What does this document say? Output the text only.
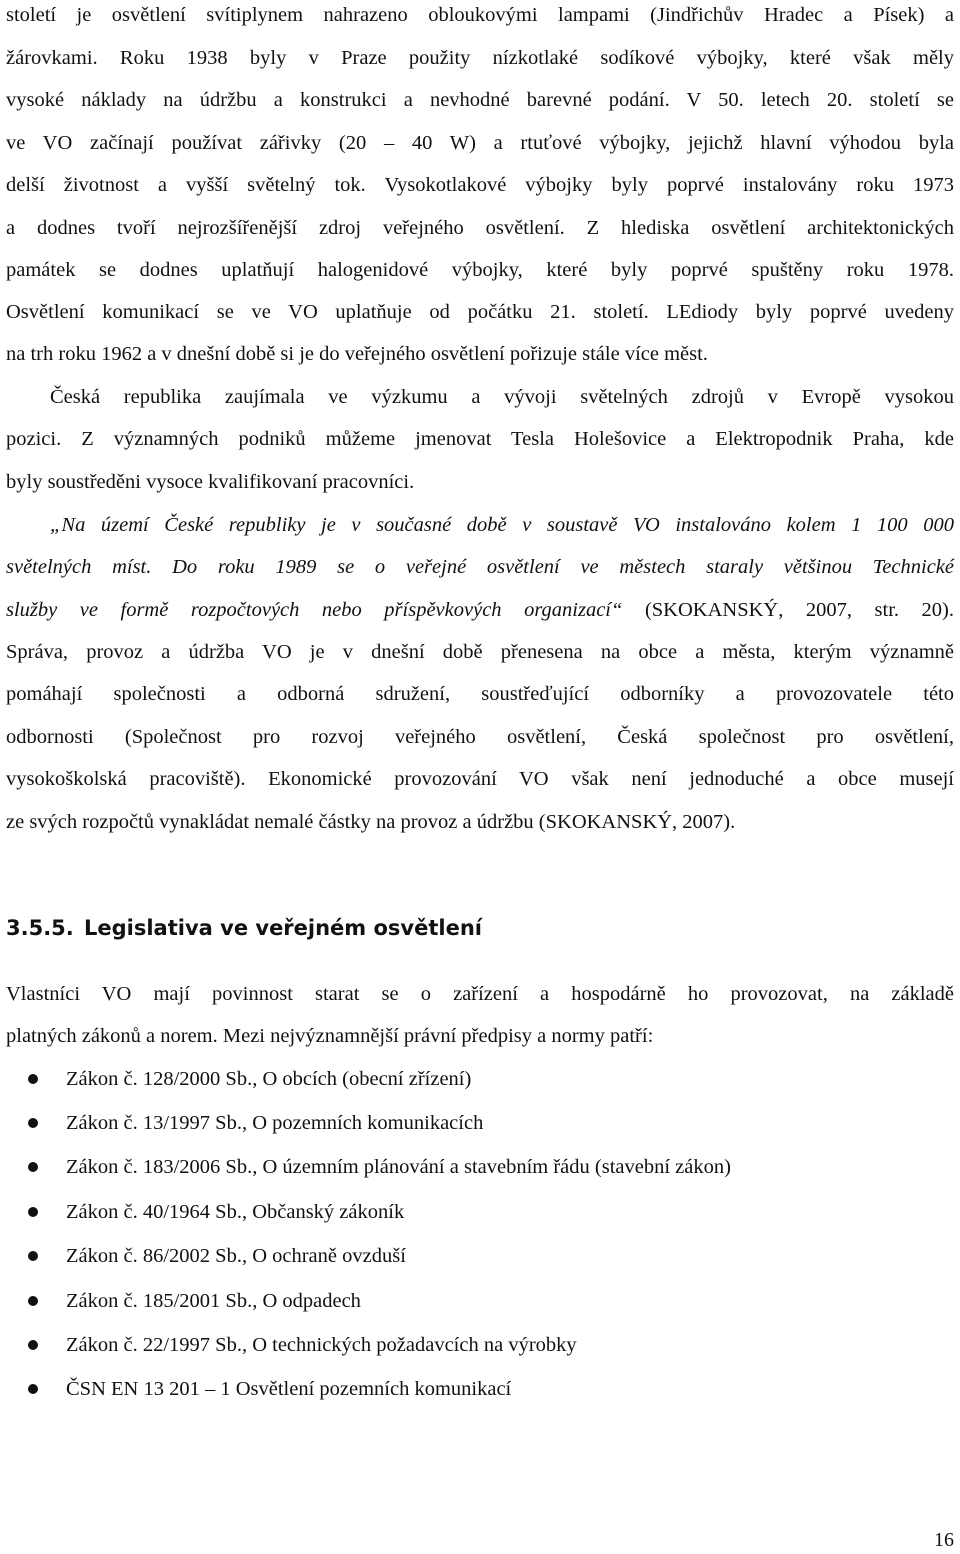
století je osvětlení svítiplynem nahrazeno obloukovými lampami (Jindřichův Hradec a Písek) a
žárovkami. Roku 1938 byly v Praze použity nízkotlaké sodíkové výbojky, které však měly
vysoké náklady na údržbu a konstrukci a nevhodné barevné podání. V 50. letech 20. století se
ve VO začínají používat zářivky (20 – 40 W) a rtuťové výbojky, jejichž hlavní výhodou byla
delší životnost a vyšší světelný tok. Vysokotlakové výbojky byly poprvé instalovány roku 1973
a dodnes tvoří nejrozšířenější zdroj veřejného osvětlení. Z hlediska osvětlení architektonických
památek se dodnes uplatňují halogenidové výbojky, které byly poprvé spuštěny roku 1978.
Osvětlení komunikací se ve VO uplatňuje od počátku 21. století. LEdiody byly poprvé uvedeny
na trh roku 1962 a v dnešní době si je do veřejného osvětlení pořizuje stále více měst.
Česká republika zaujímala ve výzkumu a vývoji světelných zdrojů v Evropě vysokou
pozici. Z významných podniků můžeme jmenovat Tesla Holešovice a Elektropodnik Praha, kde
byly soustředěni vysoce kvalifikovaní pracovníci.
„Na území České republiky je v současné době v soustavě VO instalováno kolem 1 100 000
světelných míst. Do roku 1989 se o veřejné osvětlení ve městech staraly většinou Technické
služby ve formě rozpočtových nebo příspěvkových organizací“ (SKOKANSKÝ, 2007, str. 20).
Správa, provoz a údržba VO je v dnešní době přenesena na obce a města, kterým významně
pomáhají společnosti a odborná sdružení, soustřeďující odborníky a provozovatele této
odbornosti (Společnost pro rozvoj veřejného osvětlení, Česká společnost pro osvětlení,
vysokoškolská pracoviště). Ekonomické provozování VO však není jednoduché a obce musejí
ze svých rozpočtů vynakládat nemalé částky na provoz a údržbu (SKOKANSKÝ, 2007).
3.5.5. Legislativa ve veřejném osvětlení
Vlastníci VO mají povinnost starat se o zařízení a hospodárně ho provozovat, na základě
platných zákonů a norem. Mezi nejvýznamnější právní předpisy a normy patří:
Zákon č. 128/2000 Sb., O obcích (obecní zřízení)
Zákon č. 13/1997 Sb., O pozemních komunikacích
Zákon č. 183/2006 Sb., O územním plánování a stavebním řádu (stavební zákon)
Zákon č. 40/1964 Sb., Občanský zákoník
Zákon č. 86/2002 Sb., O ochraně ovzduší
Zákon č. 185/2001 Sb., O odpadech
Zákon č. 22/1997 Sb., O technických požadavcích na výrobky
ČSN EN 13 201 – 1 Osvětlení pozemních komunikací
16
